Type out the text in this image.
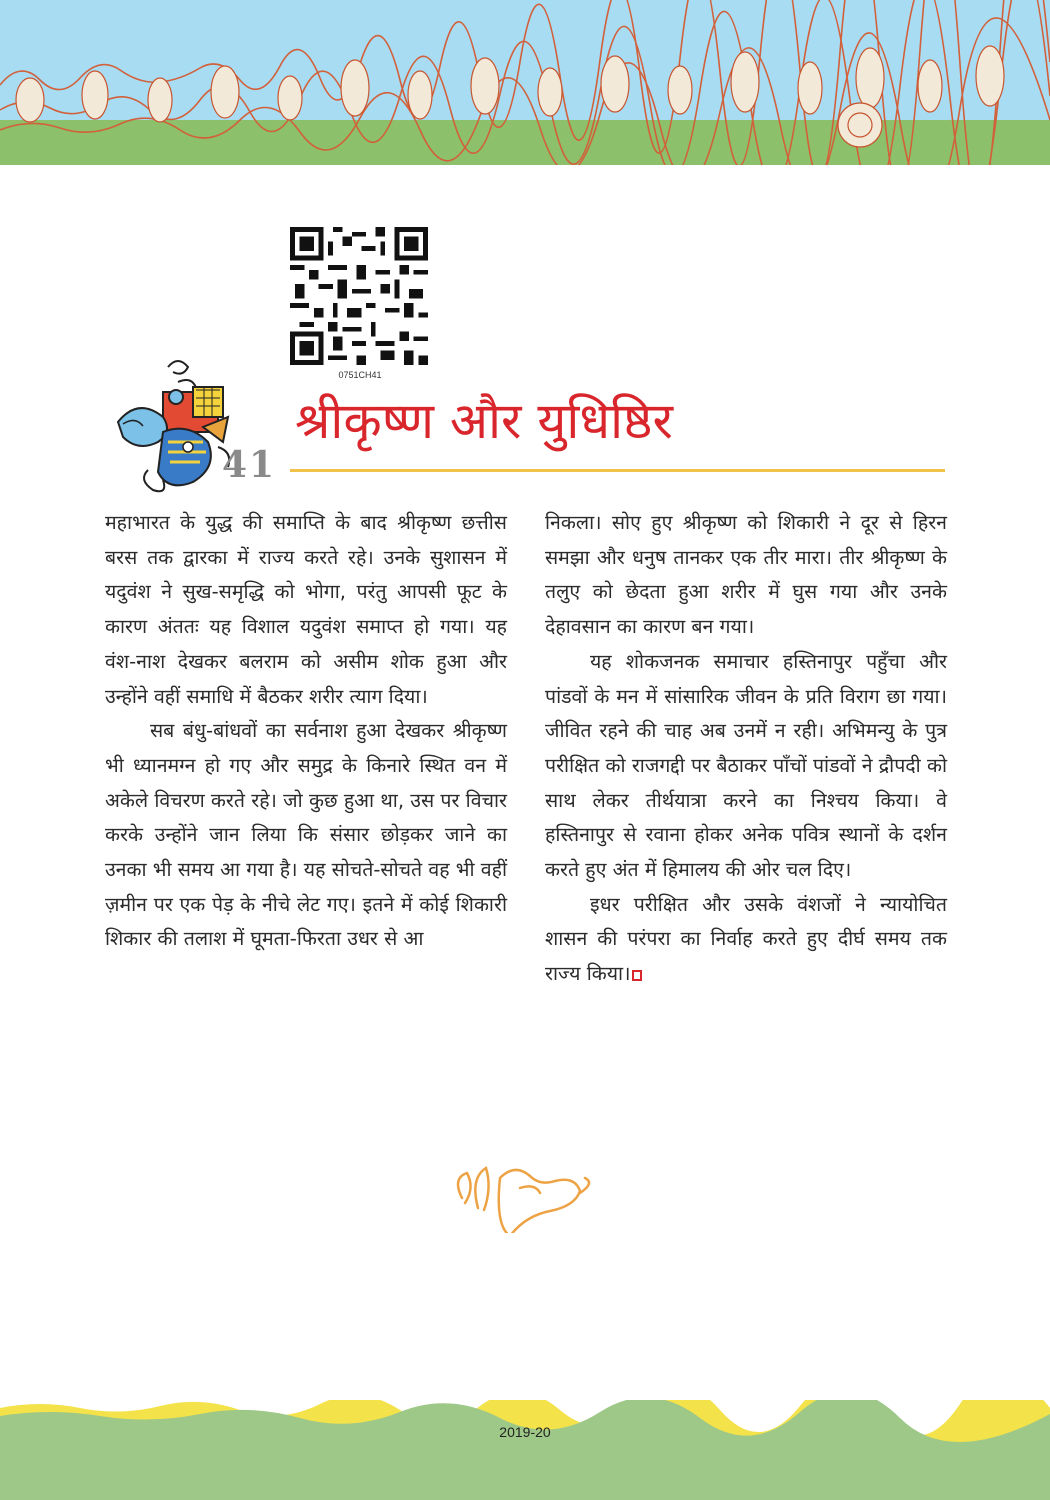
0751CH41
41
श्रीकृष्ण और युधिष्ठिर

महाभारत के युद्ध की समाप्ति के बाद श्रीकृष्ण छत्तीस बरस तक द्वारका में राज्य करते रहे। उनके सुशासन में यदुवंश ने सुख-समृद्धि को भोगा, परंतु आपसी फूट के कारण अंततः यह विशाल यदुवंश समाप्त हो गया। यह वंश-नाश देखकर बलराम को असीम शोक हुआ और उन्होंने वहीं समाधि में बैठकर शरीर त्याग दिया।

सब बंधु-बांधवों का सर्वनाश हुआ देखकर श्रीकृष्ण भी ध्यानमग्न हो गए और समुद्र के किनारे स्थित वन में अकेले विचरण करते रहे। जो कुछ हुआ था, उस पर विचार करके उन्होंने जान लिया कि संसार छोड़कर जाने का उनका भी समय आ गया है। यह सोचते-सोचते वह भी वहीं ज़मीन पर एक पेड़ के नीचे लेट गए। इतने में कोई शिकारी शिकार की तलाश में घूमता-फिरता उधर से आ

निकला। सोए हुए श्रीकृष्ण को शिकारी ने दूर से हिरन समझा और धनुष तानकर एक तीर मारा। तीर श्रीकृष्ण के तलुए को छेदता हुआ शरीर में घुस गया और उनके देहावसान का कारण बन गया।

यह शोकजनक समाचार हस्तिनापुर पहुँचा और पांडवों के मन में सांसारिक जीवन के प्रति विराग छा गया। जीवित रहने की चाह अब उनमें न रही। अभिमन्यु के पुत्र परीक्षित को राजगद्दी पर बैठाकर पाँचों पांडवों ने द्रौपदी को साथ लेकर तीर्थयात्रा करने का निश्चय किया। वे हस्तिनापुर से रवाना होकर अनेक पवित्र स्थानों के दर्शन करते हुए अंत में हिमालय की ओर चल दिए।

इधर परीक्षित और उसके वंशजों ने न्यायोचित शासन की परंपरा का निर्वाह करते हुए दीर्घ समय तक राज्य किया।

2019-20
